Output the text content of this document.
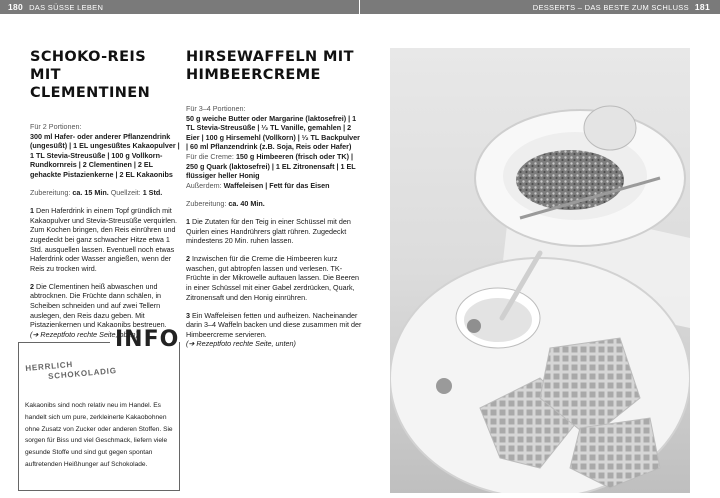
180 DAS SÜSSE LEBEN	DESSERTS – DAS BESTE ZUM SCHLUSS 181
SCHOKO-REIS MIT
CLEMENTINEN

Für 2 Portionen:

300 ml Hafer- oder anderer Pflanzendrink (ungesüßt) | 1 EL ungesüßtes Kakaopulver | 1 TL Stevia-Streusüße | 100 g Vollkorn-Rundkornreis | 2 Clementinen | 2 EL gehackte Pistazienkerne | 2 EL Kakaonibs

Zubereitung: ca. 15 Min. Quellzeit: 1 Std.

1 Den Haferdrink in einem Topf gründlich mit Kakaopulver und Stevia-Streusüße verquirlen. Zum Kochen bringen, den Reis einrühren und zugedeckt bei ganz schwacher Hitze etwa 1 Std. ausquellen lassen. Eventuell noch etwas Haferdrink oder Wasser angießen, wenn der Reis zu trocken wird.

2 Die Clementinen heiß abwaschen und abtrocknen. Die Früchte dann schälen, in Scheiben schneiden und auf zwei Tellern auslegen, den Reis dazu geben. Mit Pistazienkernen und Kakaonibs bestreuen.
(➔ Rezeptfoto rechte Seite, oben)

HIRSEWAFFELN MIT
HIMBEERCREME

Für 3–4 Portionen:

50 g weiche Butter oder Margarine (laktosefrei) | 1 TL Stevia-Streusüße | ¹⁄₂ TL Vanille, gemahlen | 2 Eier | 100 g Hirsemehl (Vollkorn) | ¹⁄₂ TL Backpulver | 60 ml Pflanzendrink (z.B. Soja, Reis oder Hafer)

Für die Creme: 150 g Himbeeren (frisch oder TK) | 250 g Quark (laktosefrei) | 1 EL Zitronensaft | 1 EL flüssiger heller Honig

Außerdem: Waffeleisen | Fett für das Eisen

Zubereitung: ca. 40 Min.

1 Die Zutaten für den Teig in einer Schüssel mit den Quirlen eines Handrührers glatt rühren. Zugedeckt mindestens 20 Min. ruhen lassen.

2 Inzwischen für die Creme die Himbeeren kurz waschen, gut abtropfen lassen und verlesen. TK-Früchte in der Mikrowelle auftauen lassen. Die Beeren in einer Schüssel mit einer Gabel zerdrücken, Quark, Zitronensaft und den Honig einrühren.

3 Ein Waffeleisen fetten und aufheizen. Nacheinander darin 3–4 Waffeln backen und diese zusammen mit der Himbeercreme servieren.
(➔ Rezeptfoto rechte Seite, unten)

INFO
HERRLICH
SCHOKOLADIG
Kakaonibs sind noch relativ neu im Handel. Es handelt sich um pure, zerkleinerte Kakaobohnen ohne Zusatz von Zucker oder anderen Stoffen. Sie sorgen für Biss und viel Geschmack, liefern viele gesunde Stoffe und sind gut gegen spontan auftretenden Heißhunger auf Schokolade.
